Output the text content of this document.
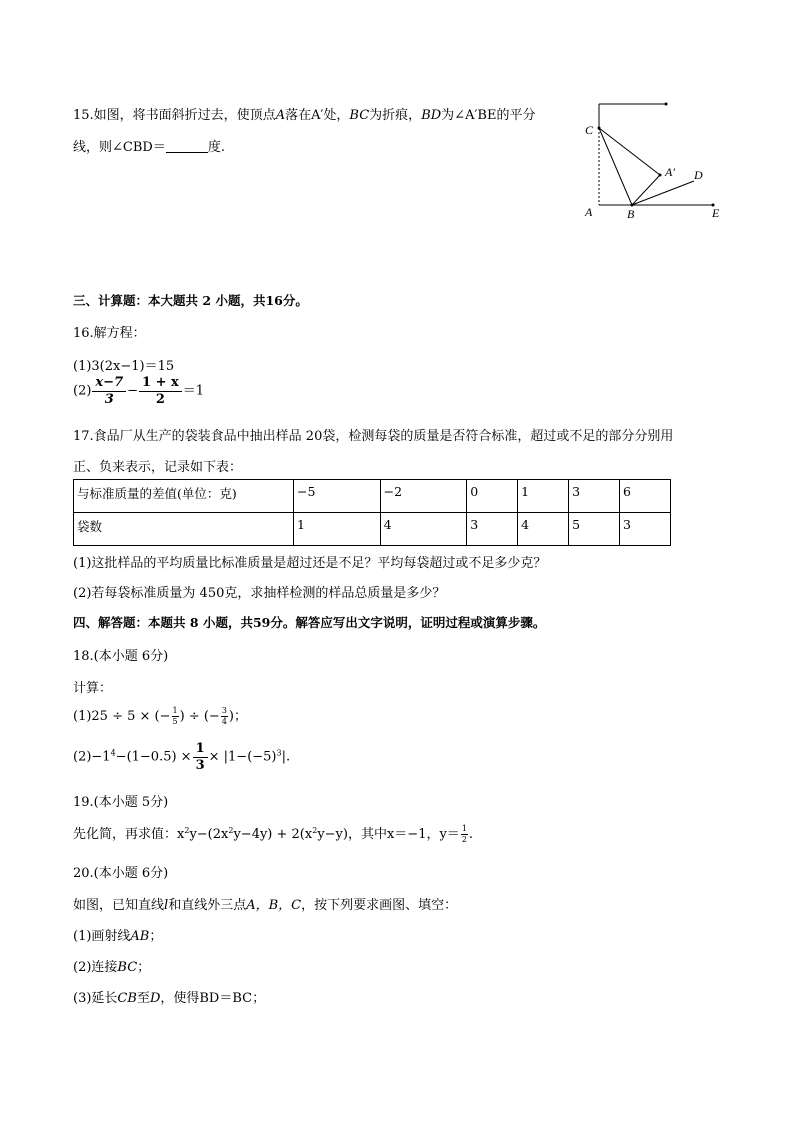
15.如图，将书面斜折过去，使顶点A落在A′处，BC为折痕，BD为∠A′BE的平分
线，则∠CBD＝	度.
C
A′ D
A	B	E
三、计算题：本大题共 2 小题，共16分。
16.解方程：
(1)3(2x−1)＝15
$(2) \frac{x-7}{3} - \frac{1 + x}{2} =1$
17.食品厂从生产的袋装食品中抽出样品 20袋，检测每袋的质量是否符合标准，超过或不足的部分分别用
正、负来表示，记录如下表：
与标准质量的差值(单位：克)	−5	−2	0	1	3	6
袋数	1	4	3	4	5	3
(1)这批样品的平均质量比标准质量是超过还是不足？平均每袋超过或不足多少克？
(2)若每袋标准质量为 450克，求抽样检测的样品总质量是多少？
四、解答题：本题共 8 小题，共59分。解答应写出文字说明，证明过程或演算步骤。
18.(本小题 6分)
计算：
(1)25 ÷ 5 × (− $\frac{1}{5}$ ) ÷ (− $\frac{3}{4}$ )；
$(2)-1^4-(1-0.5) \times \frac{1}{3} \times |1-(-5)^3|$.
19.(本小题 5分)
先化简，再求值：$x^2y-(2x^2y-4y) + 2(x^2y-y)$，其中x＝−1，$y= \frac{1}{2}$ .
20.(本小题 6分)
如图，已知直线l和直线外三点A，B，C，按下列要求画图、填空：
(1)画射线AB；
(2)连接BC；
(3)延长CB至D，使得BD＝BC；
